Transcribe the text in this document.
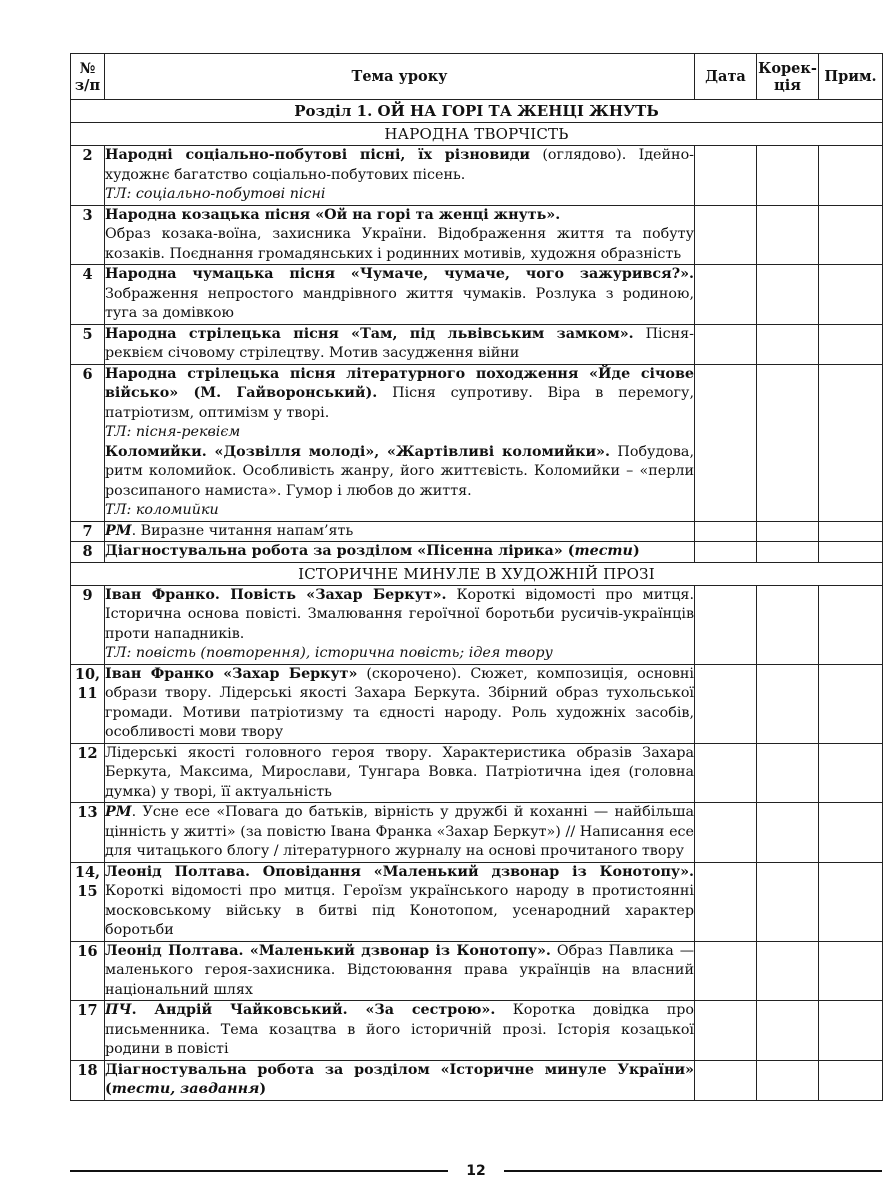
№ з/п	Тема уроку	Дата	Корек-ція	Прим.
Розділ 1. ОЙ НА ГОРІ ТА ЖЕНЦІ ЖНУТЬ				
НАРОДНА ТВОРЧІСТЬ				
2	Народні соціально-побутові пісні, їх різновиди (оглядово). Ідейно-художнє багатство соціально-побутових пісень.
ТЛ: соціально-побутові пісні			
3	Народна козацька пісня «Ой на горі та женці жнуть».
Образ козака-воїна, захисника України. Відображення життя та побуту козаків. Поєднання громадянських і родинних мотивів, художня образність			
4	Народна чумацька пісня «Чумаче, чумаче, чого зажурився?». Зображення непростого мандрівного життя чумаків. Розлука з родиною, туга за домівкою			
5	Народна стрілецька пісня «Там, під львівським замком». Пісня-реквієм січовому стрілецтву. Мотив засудження війни			
6	Народна стрілецька пісня літературного походження «Йде січове військо» (М. Гайворонський). Пісня супротиву. Віра в перемогу, патріотизм, оптимізм у творі.
ТЛ: пісня-реквієм
Коломийки. «Дозвілля молоді», «Жартівливі коломийки». Побудова, ритм коломийок. Особливість жанру, його життєвість. Коломийки – «перли розсипаного намиста». Гумор і любов до життя.
ТЛ: коломийки			
7	РМ. Виразне читання напам’ять			
8	Діагностувальна робота за розділом «Пісенна лірика» (тести)			
ІСТОРИЧНЕ МИНУЛЕ В ХУДОЖНІЙ ПРОЗІ				
9	Іван Франко. Повість «Захар Беркут». Короткі відомості про митця. Історична основа повісті. Змалювання героїчної боротьби русичів-українців проти нападників.
ТЛ: повість (повторення), історична повість; ідея твору			
10, 11	Іван Франко «Захар Беркут» (скорочено). Сюжет, композиція, основні образи твору. Лідерські якості Захара Беркута. Збірний образ тухольської громади. Мотиви патріотизму та єдності народу. Роль художніх засобів, особливості мови твору			
12	Лідерські якості головного героя твору. Характеристика образів Захара Беркута, Максима, Мирослави, Тунгара Вовка. Патріотична ідея (головна думка) у творі, її актуальність			
13	РМ. Усне есе «Повага до батьків, вірність у дружбі й коханні — найбільша цінність у житті» (за повістю Івана Франка «Захар Беркут») // Написання есе для читацького блогу / літературного журналу на основі прочитаного твору			
14, 15	Леонід Полтава. Оповідання «Маленький дзвонар із Конотопу». Короткі відомості про митця. Героїзм українського народу в протистоянні московському війську в битві під Конотопом, усенародний характер боротьби			
16	Леонід Полтава. «Маленький дзвонар із Конотопу». Образ Павлика — маленького героя-захисника. Відстоювання права українців на власний національний шлях			
17	ПЧ. Андрій Чайковський. «За сестрою». Коротка довідка про письменника. Тема козацтва в його історичній прозі. Історія козацької родини в повісті			
18	Діагностувальна робота за розділом «Історичне минуле України» (тести, завдання)			
12
